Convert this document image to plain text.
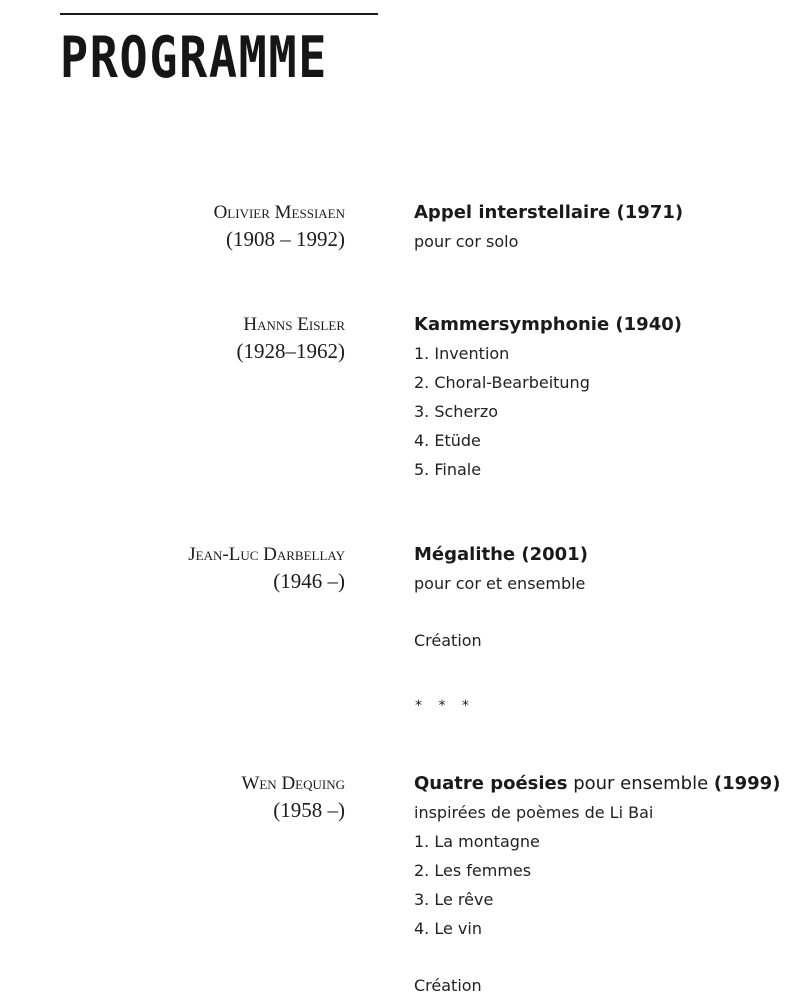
PROGRAMME
Olivier Messiaen
(1908 – 1992)
Appel interstellaire (1971)
pour cor solo
Hanns Eisler
(1928–1962)
Kammersymphonie (1940)
1. Invention
2. Choral-Bearbeitung
3. Scherzo
4. Etüde
5. Finale
Jean-Luc Darbellay
(1946 –)
Mégalithe (2001)
pour cor et ensemble
Création
* * *
Wen Dequing
(1958 –)
Quatre poésies pour ensemble (1999)
inspirées de poèmes de Li Bai
1. La montagne
2. Les femmes
3. Le rêve
4. Le vin
Création
